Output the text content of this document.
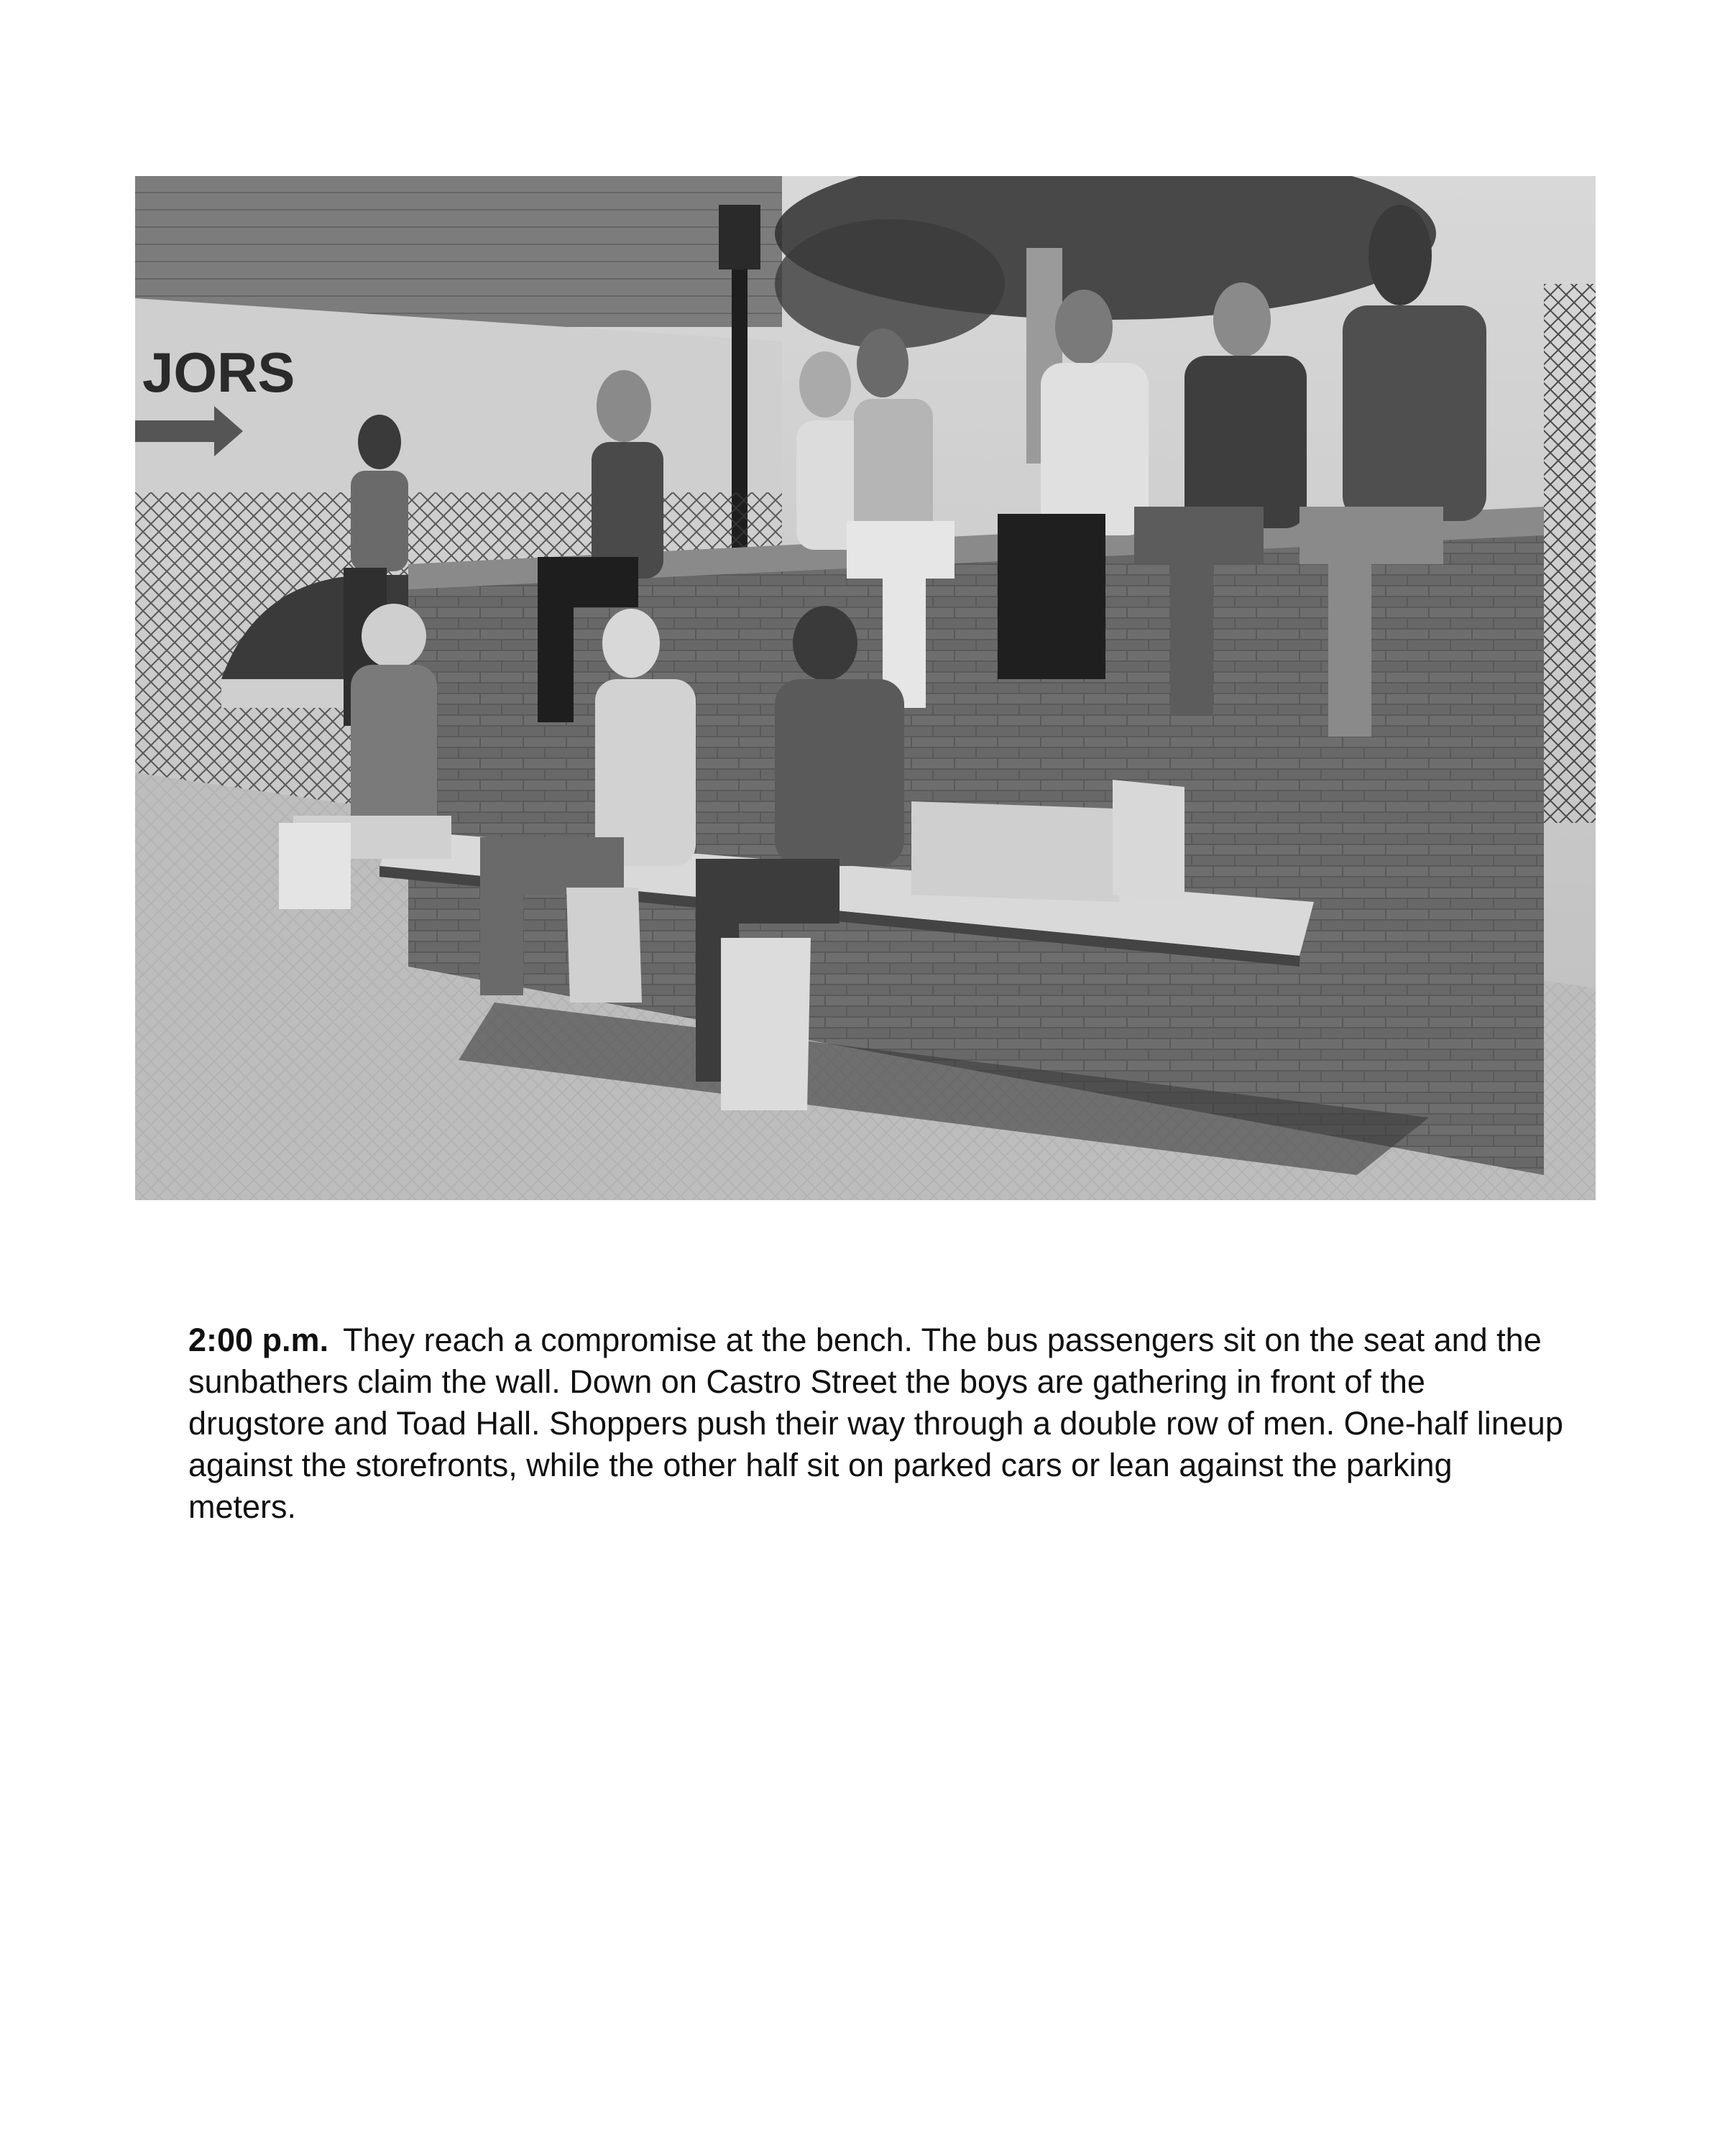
JORS

2:00 p.m. They reach a compromise at the bench. The bus passengers sit on the seat and the sunbathers claim the wall. Down on Castro Street the boys are gathering in front of the drugstore and Toad Hall. Shoppers push their way through a double row of men. One-half lineup against the storefronts, while the other half sit on parked cars or lean against the parking meters.
